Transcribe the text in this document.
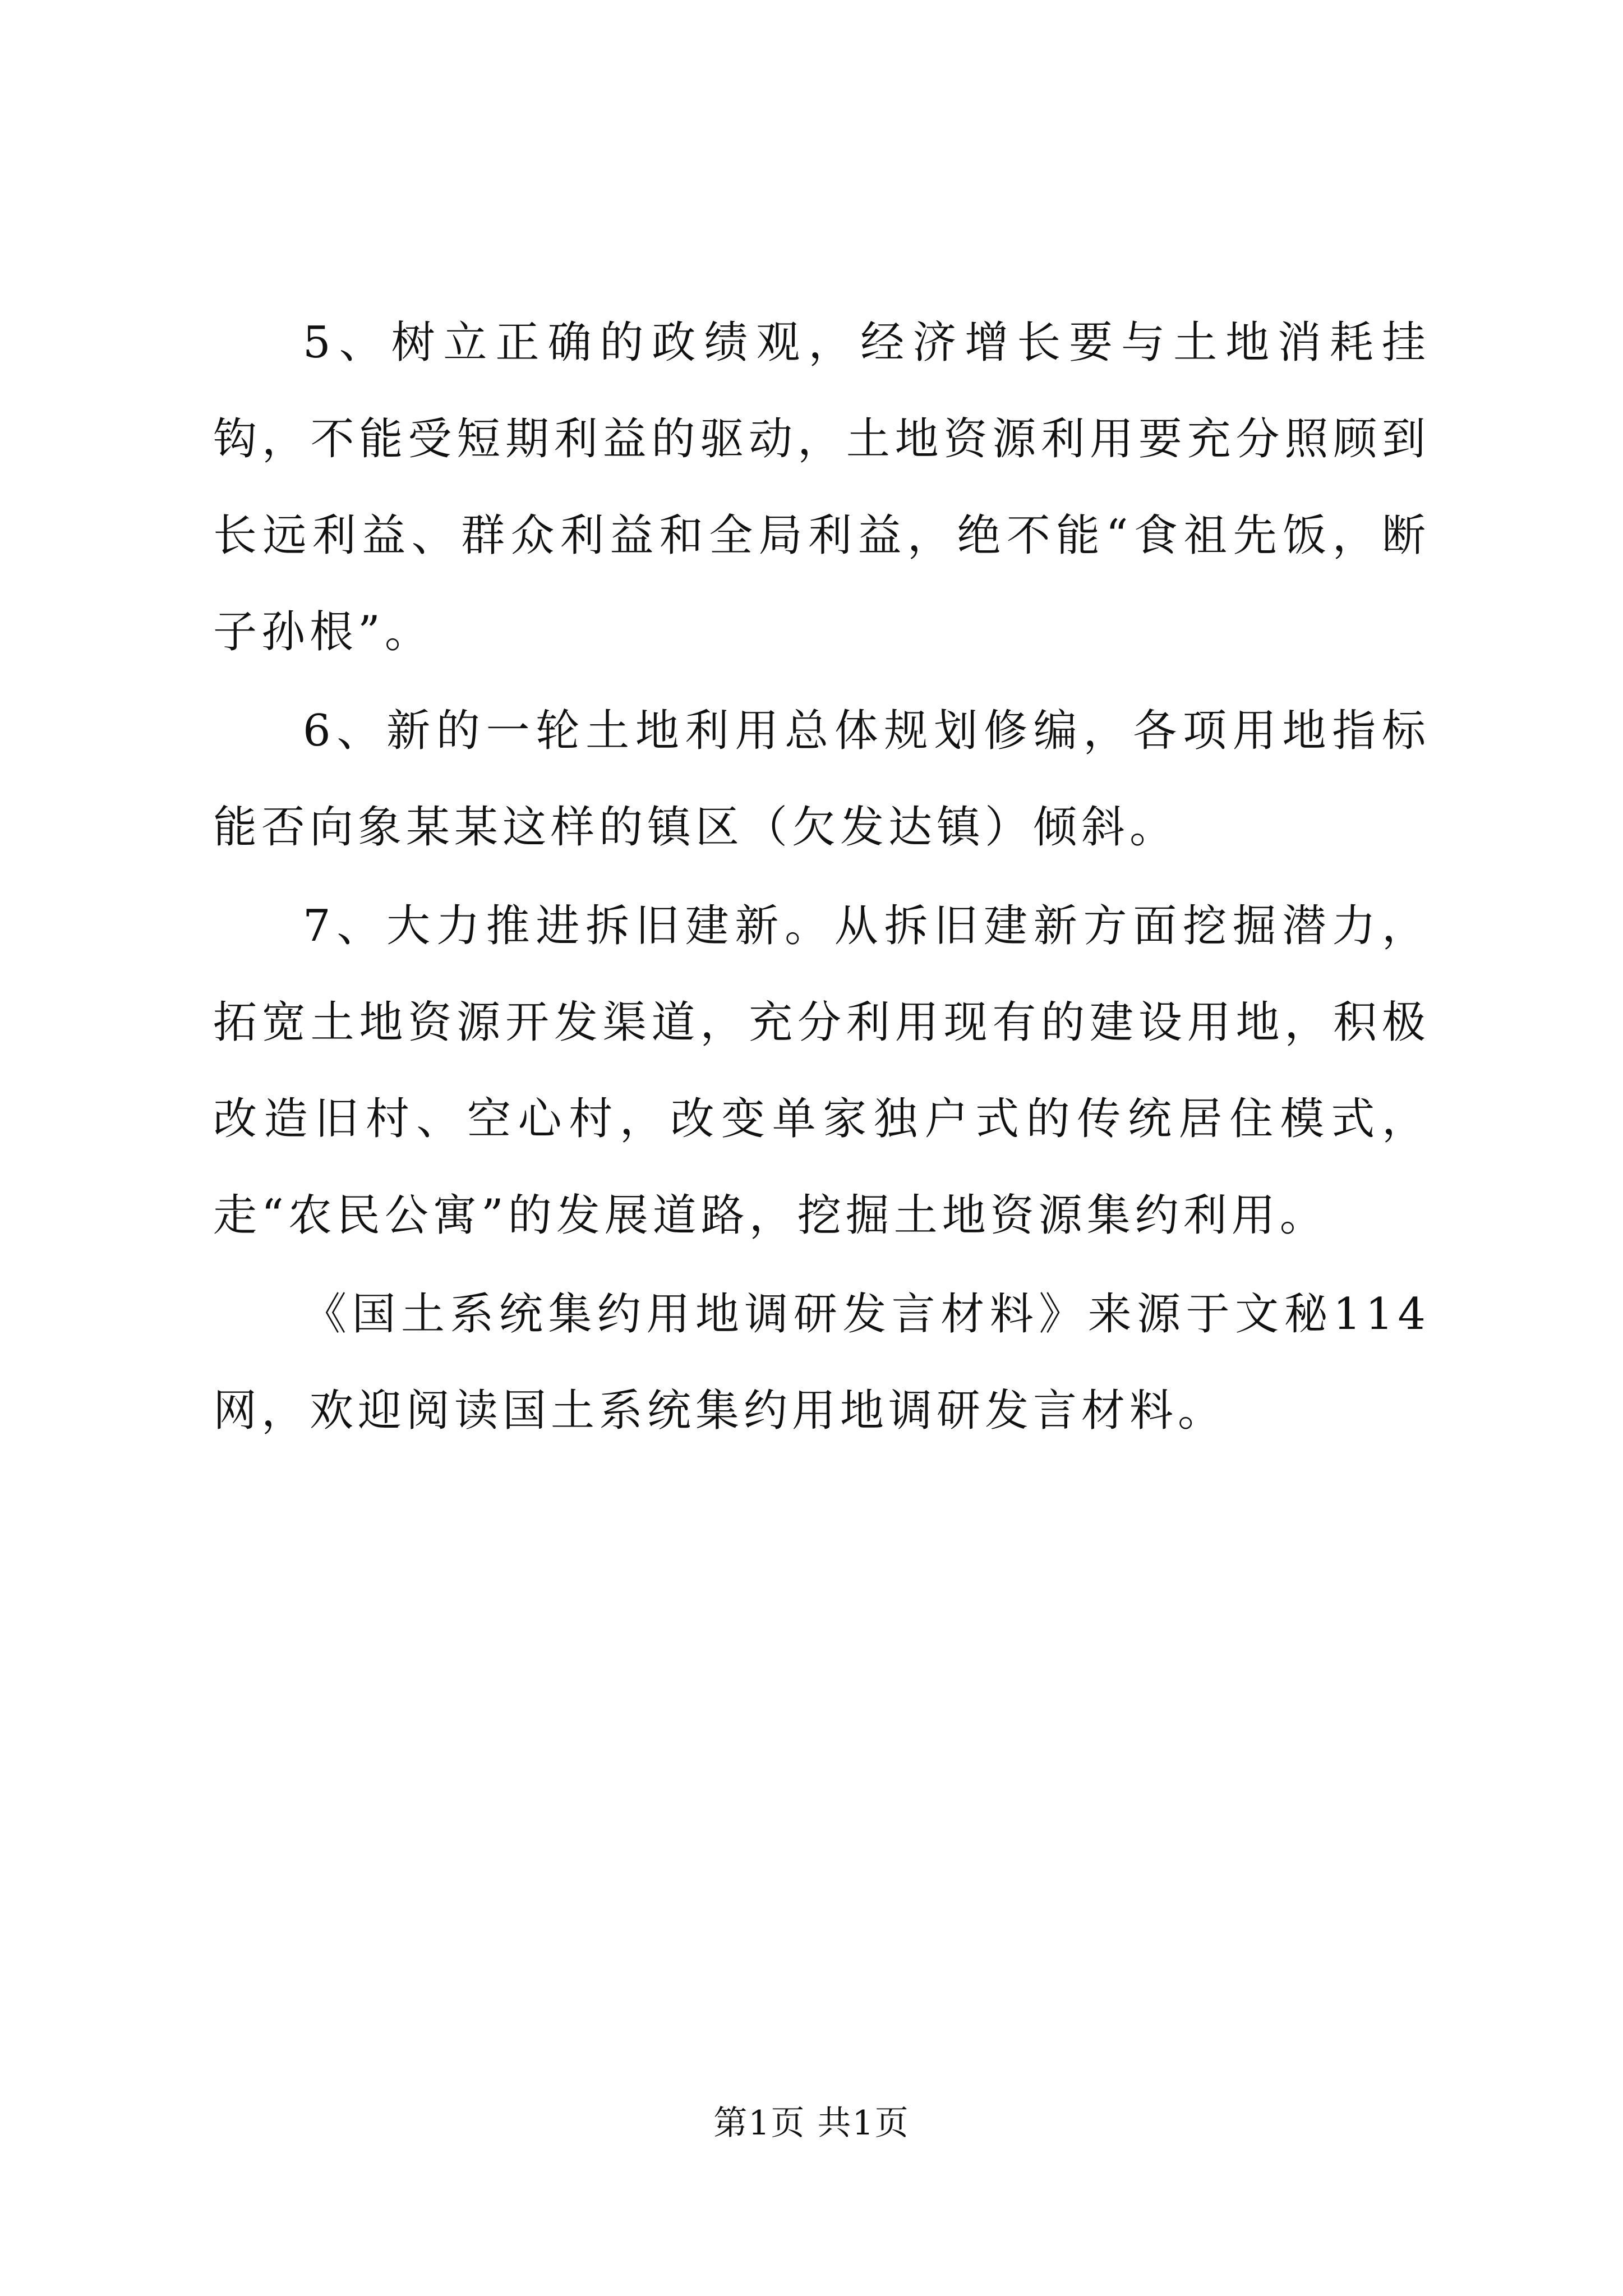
5、树立正确的政绩观，经济增长要与土地消耗挂钩，不能受短期利益的驱动，土地资源利用要充分照顾到长远利益、群众利益和全局利益，绝不能“食祖先饭，断子孙根”。

6、新的一轮土地利用总体规划修编，各项用地指标能否向象某某这样的镇区（欠发达镇）倾斜。

7、大力推进拆旧建新。从拆旧建新方面挖掘潜力，拓宽土地资源开发渠道，充分利用现有的建设用地，积极改造旧村、空心村，改变单家独户式的传统居住模式，走“农民公寓”的发展道路，挖掘土地资源集约利用。

《国土系统集约用地调研发言材料》来源于文秘114网，欢迎阅读国土系统集约用地调研发言材料。

第1页 共1页
